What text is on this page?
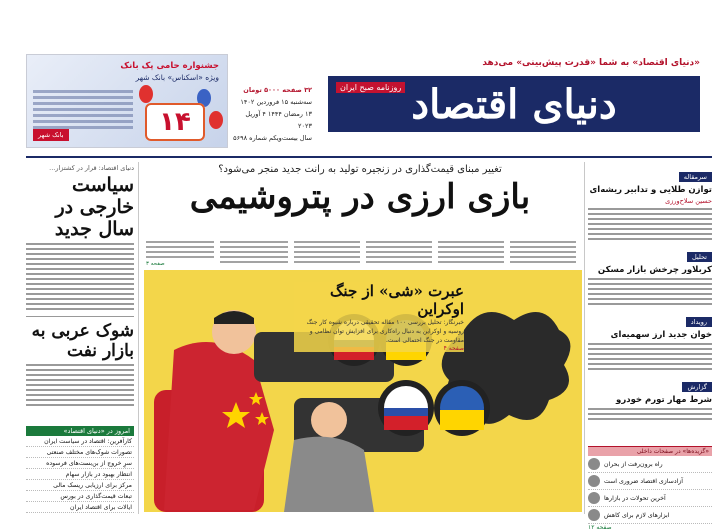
جشنواره حامی پک بانک
ویژه «اسکناس» بانک شهر
۱۴
بانک شهر
۳۲ صفحه ۵۰۰۰ تومان
سه‌شنبه ۱۵ فروردین ۱۴۰۲
۱۳ رمضان ۱۴۴۴ ۴ آوریل ۲۰۲۳
سال بیست‌ویکم شماره ۵۶۹۸
«دنیای اقتصاد» به شما «قدرت پیش‌بینی» می‌دهد
دنیای اقتصاد
روزنامه صبح ایران
دنیای اقتصاد: قرار در کشتزار...
سیاست خارجی در سال جدید
شوک عربی به بازار نفت
امروز در «دنیای اقتصاد»
کارآفرین: اقتصاد در سیاست ایران
تصورات شوک‌های مختلف صنعتی
سرِ خروج از بن‌بست‌های فرسوده
انتظار بهبود در بازار سهام
مرکز برای ارزیابی ریسک مالی
تبعات قیمت‌گذاری در بورس
ایالات برای اقتصاد ایران
تغییر مبنای قیمت‌گذاری در زنجیره تولید به رانت جدید منجر می‌شود؟
بازی ارزی در پتروشیمی
صفحه ۳
عبرت «شی» از جنگ اوکراین
خبرنگار: تحلیل بررسی ۱۰۰ مقاله تحقیقی درباره شیوه کار جنگ روسیه و اوکراین به دنبال راه‌کاری برای افزایش توان نظامی و مقاومت در جنگ احتمالی است.
صفحه ۴
سرمقاله
توازن طلایی و تدابیر ریشه‌ای
حسین سلاح‌ورزی
تحلیل
کربلاور چرخش بازار مسکن
رویداد
خوان جدید ارز سهمیه‌ای
گزارش
شرط مهار تورم خودرو
«گزیده‌ها» در صفحات داخلی
راه برون‌رفت از بحران
آزادسازی اقتصاد ضروری است
آخرین تحولات در بازارها
ابزارهای لازم برای کاهش
صفحه ۱۲
